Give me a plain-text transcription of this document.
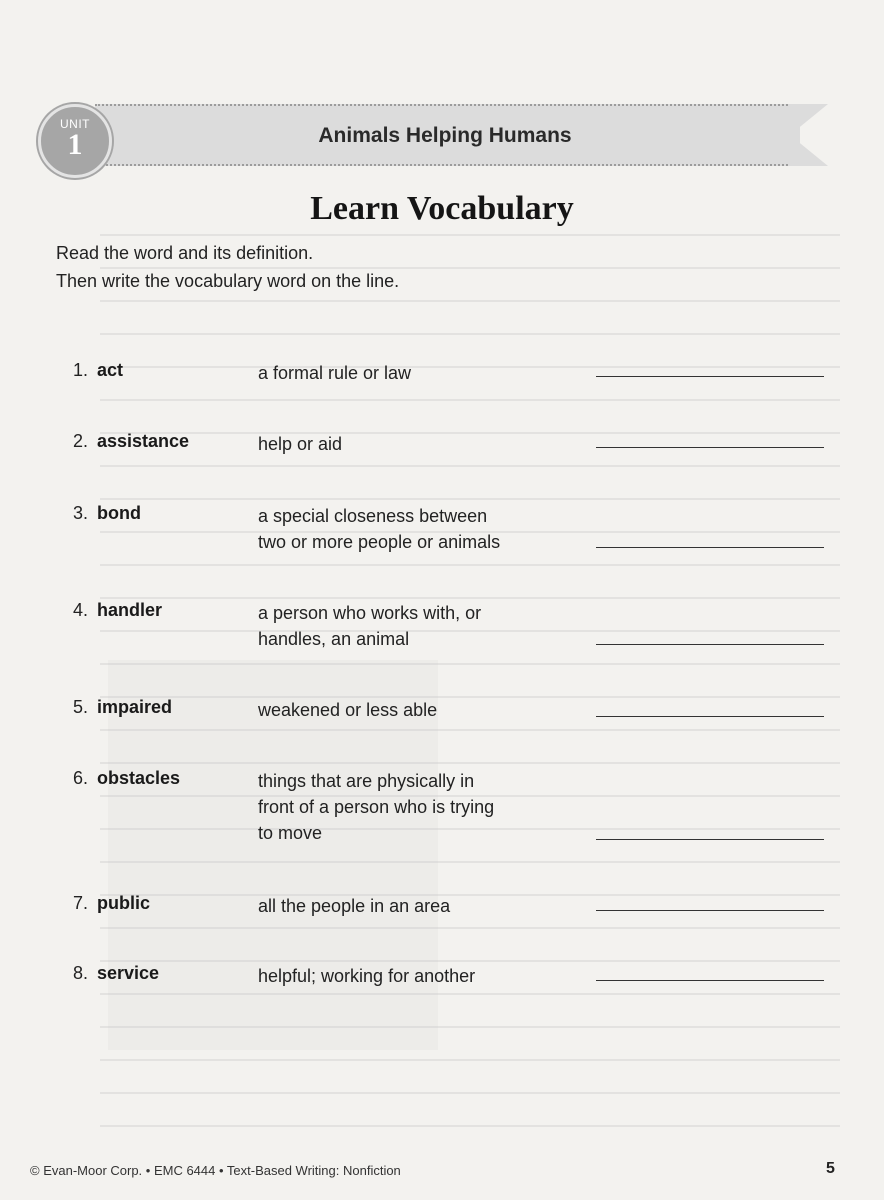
UNIT
1	Animals Helping Humans
Learn Vocabulary
Read the word and its definition.
Then write the vocabulary word on the line.
1. act	a formal rule or law
2. assistance	help or aid
3. bond	a special closeness between
two or more people or animals
4. handler	a person who works with, or
handles, an animal
5. impaired	weakened or less able
6. obstacles	things that are physically in
front of a person who is trying
to move
7. public	all the people in an area
8. service	helpful; working for another
© Evan-Moor Corp. • EMC 6444 • Text-Based Writing: Nonfiction	5
